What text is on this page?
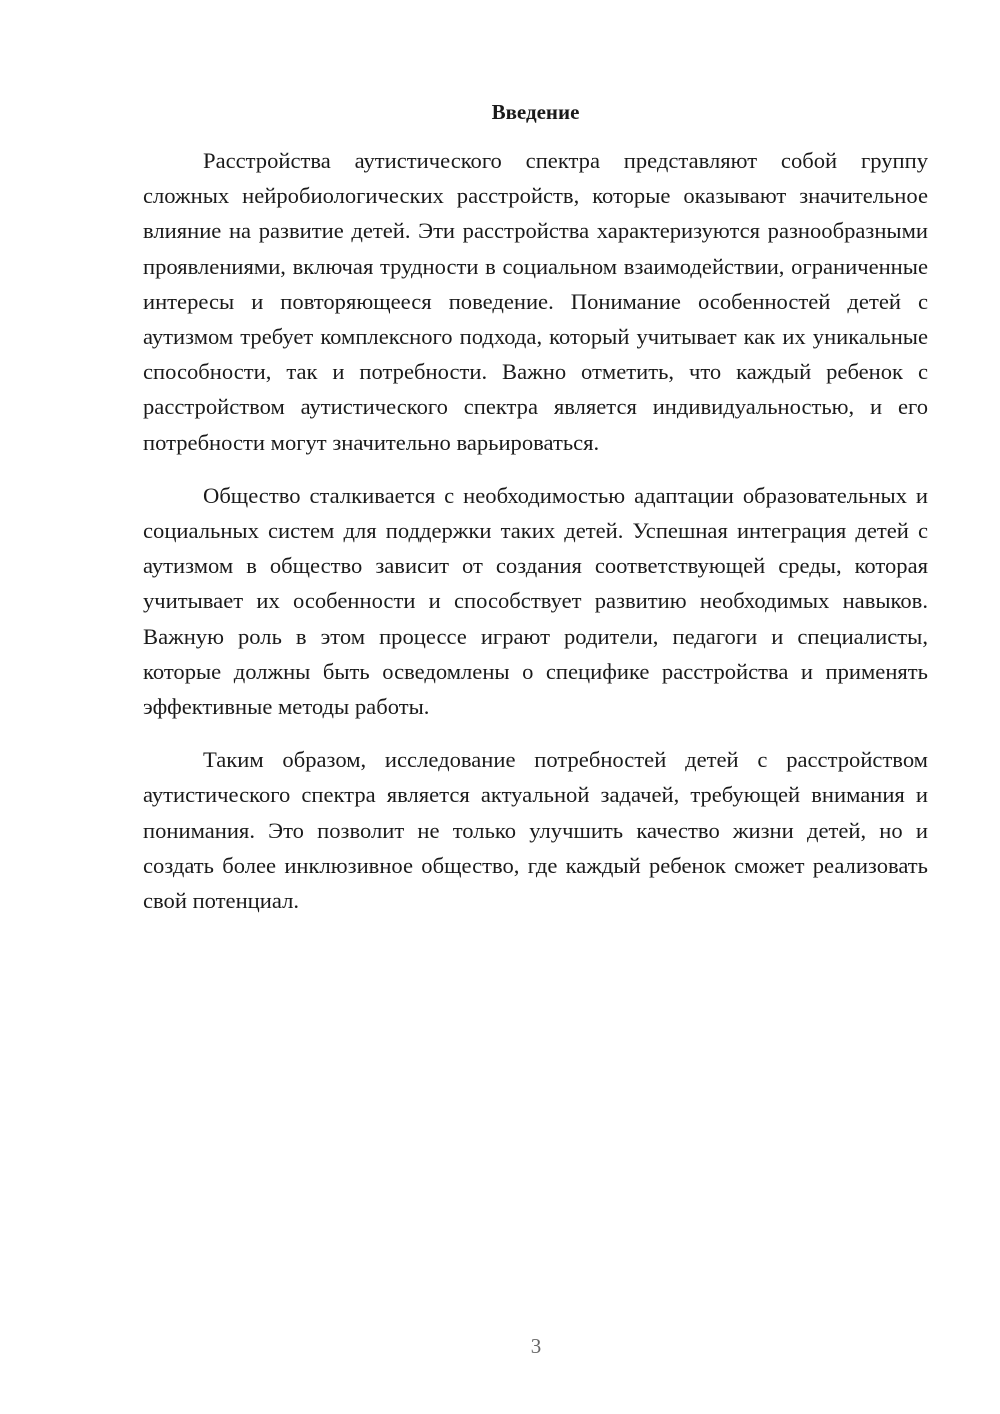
Введение

Расстройства аутистического спектра представляют собой группу сложных нейробиологических расстройств, которые оказывают значительное влияние на развитие детей. Эти расстройства характеризуются разнообразными проявлениями, включая трудности в социальном взаимодействии, ограниченные интересы и повторяющееся поведение. Понимание особенностей детей с аутизмом требует комплексного подхода, который учитывает как их уникальные способности, так и потребности. Важно отметить, что каждый ребенок с расстройством аутистического спектра является индивидуальностью, и его потребности могут значительно варьироваться.

Общество сталкивается с необходимостью адаптации образовательных и социальных систем для поддержки таких детей. Успешная интеграция детей с аутизмом в общество зависит от создания соответствующей среды, которая учитывает их особенности и способствует развитию необходимых навыков. Важную роль в этом процессе играют родители, педагоги и специалисты, которые должны быть осведомлены о специфике расстройства и применять эффективные методы работы.

Таким образом, исследование потребностей детей с расстройством аутистического спектра является актуальной задачей, требующей внимания и понимания. Это позволит не только улучшить качество жизни детей, но и создать более инклюзивное общество, где каждый ребенок сможет реализовать свой потенциал.

3
